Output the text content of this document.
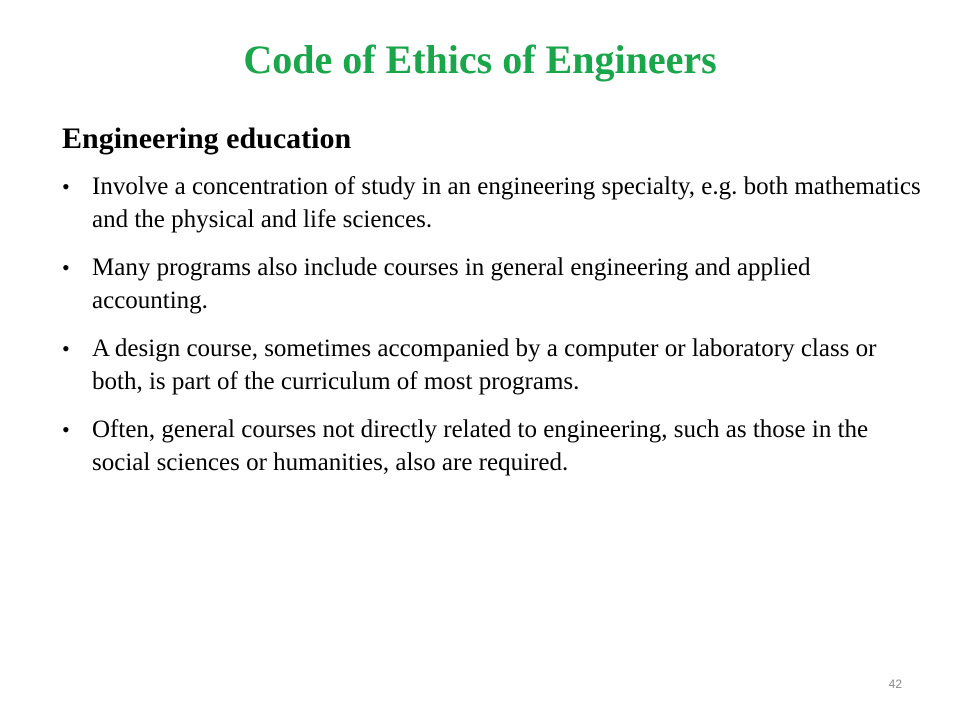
Code of Ethics of Engineers
Engineering education
• Involve a concentration of study in an engineering specialty, e.g. both mathematics and the physical and life sciences.
• Many programs also include courses in general engineering and applied accounting.
• A design course, sometimes accompanied by a computer or laboratory class or both, is part of the curriculum of most programs.
• Often, general courses not directly related to engineering, such as those in the social sciences or humanities, also are required.
42
